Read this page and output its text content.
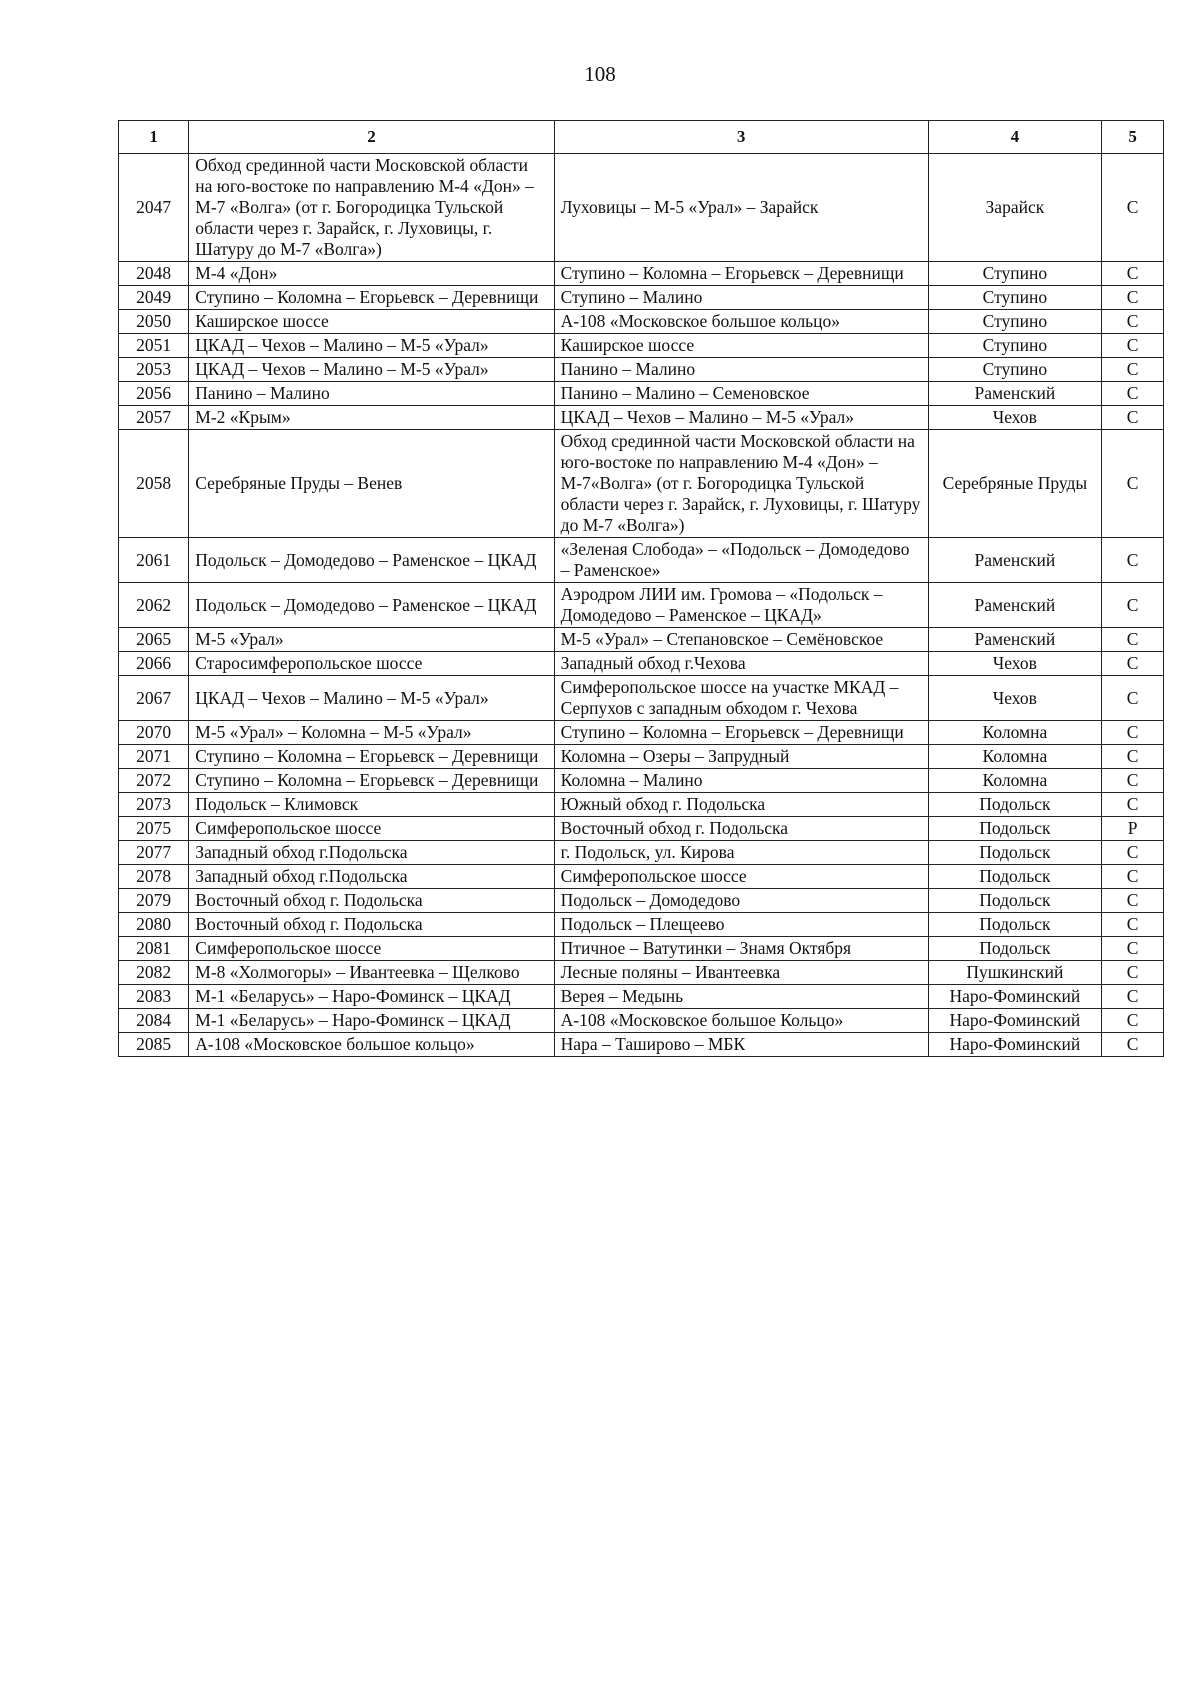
108
1	2	3	4	5
2047	Обход срединной части Московской области на юго-востоке по направлению М-4 «Дон» – М-7 «Волга» (от г. Богородицка Тульской области через г. Зарайск, г. Луховицы, г. Шатуру до М-7 «Волга»)	Луховицы – М-5 «Урал» – Зарайск	Зарайск	С
2048	М-4 «Дон»	Ступино – Коломна – Егорьевск – Деревнищи	Ступино	С
2049	Ступино – Коломна – Егорьевск – Деревнищи	Ступино – Малино	Ступино	С
2050	Каширское шоссе	А-108 «Московское большое кольцо»	Ступино	С
2051	ЦКАД – Чехов – Малино – М-5 «Урал»	Каширское шоссе	Ступино	С
2053	ЦКАД – Чехов – Малино – М-5 «Урал»	Панино – Малино	Ступино	С
2056	Панино – Малино	Панино – Малино – Семеновское	Раменский	С
2057	М-2 «Крым»	ЦКАД – Чехов – Малино – М-5 «Урал»	Чехов	С
2058	Серебряные Пруды – Венев	Обход срединной части Московской области на юго-востоке по направлению М-4 «Дон» – М-7«Волга» (от г. Богородицка Тульской области через г. Зарайск, г. Луховицы, г. Шатуру
до М-7 «Волга»)	Серебряные Пруды	С
2061	Подольск – Домодедово – Раменское – ЦКАД	«Зеленая Слобода» – «Подольск – Домодедово – Раменское»	Раменский	С
2062	Подольск – Домодедово – Раменское – ЦКАД	Аэродром ЛИИ им. Громова – «Подольск – Домодедово – Раменское – ЦКАД»	Раменский	С
2065	М-5 «Урал»	М-5 «Урал» – Степановское – Семёновское	Раменский	С
2066	Старосимферопольское шоссе	Западный обход г.Чехова	Чехов	С
2067	ЦКАД – Чехов – Малино – М-5 «Урал»	Симферопольское шоссе на участке МКАД – Серпухов с западным обходом г. Чехова	Чехов	С
2070	М-5 «Урал» – Коломна – М-5 «Урал»	Ступино – Коломна – Егорьевск – Деревнищи	Коломна	С
2071	Ступино – Коломна – Егорьевск – Деревнищи	Коломна – Озеры – Запрудный	Коломна	С
2072	Ступино – Коломна – Егорьевск – Деревнищи	Коломна – Малино	Коломна	С
2073	Подольск – Климовск	Южный обход г. Подольска	Подольск	С
2075	Симферопольское шоссе	Восточный обход г. Подольска	Подольск	Р
2077	Западный обход г.Подольска	г. Подольск, ул. Кирова	Подольск	С
2078	Западный обход г.Подольска	Симферопольское шоссе	Подольск	С
2079	Восточный обход г. Подольска	Подольск – Домодедово	Подольск	С
2080	Восточный обход г. Подольска	Подольск – Плещеево	Подольск	С
2081	Симферопольское шоссе	Птичное – Ватутинки – Знамя Октября	Подольск	С
2082	М-8 «Холмогоры» – Ивантеевка – Щелково	Лесные поляны – Ивантеевка	Пушкинский	С
2083	М-1 «Беларусь» – Наро-Фоминск – ЦКАД	Верея – Медынь	Наро-Фоминский	С
2084	М-1 «Беларусь» – Наро-Фоминск – ЦКАД	А-108 «Московское большое Кольцо»	Наро-Фоминский	С
2085	А-108 «Московское большое кольцо»	Нара – Таширово – МБК	Наро-Фоминский	С
